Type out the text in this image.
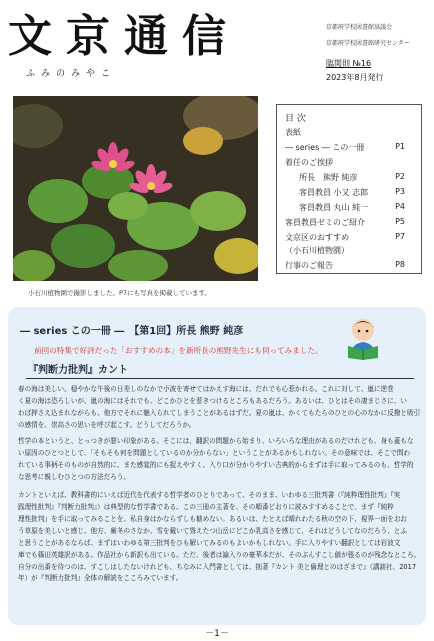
文京通信
ふみのみやこ
京都府学校図書館協議会
京都府学校図書館研究センター
臨関則 №16
2023年8月発行
小石川植物園で撮影しました。P7にも写真を掲載しています。
目 次
表紙
― series ― この一冊	P1
着任のご挨拶
所長　熊野 純彦	P2
客員教員 小又 志郎	P3
客員教員 丸山 純一	P4
客員教員ゼミのご紹介	P5
文京区のおすすめ	P7
（小石川植物園）
行事のご報告	P8
― series この一冊 ―　【第1回】所長 熊野 純彦
前回の特集で好評だった「おすすめの本」を新所長の熊野先生にも伺ってみました。
『判断力批判』カント
春の海は美しい。穏やかな午後の日差しのなかで小波を寄せてはかえす海には、だれでも心惹かれる。これに対して、嵐に逆巻
く夏の海は恐ろしいが、嵐の海にはそれでも、どこかひとを惹きつけるところもあるだろう。あるいは、ひとはその凄まじさに、い
わば押さえ込まれながらも、他方でそれに魅入られてしまうことがあるはずだ。夏の嵐は、かくてもたらのひとの心のなかに反撥と吸引
の感情を、崇高さの思いを呼び起こす。どうしてだろうか。
哲学の本というと、とっつきが悪い印象がある。そこには、翻訳の問題から始まり、いろいろな理由があるのだけれども、身も蓋もな
い原因のひとつとして、「そもそも何を問題としているのか分からない」ということがあるかもしれない。その意味では、そこで問わ
れている事柄そのものが自然的に、また感覚的にも捉えやすく、入り口が分かりやすい古典的からまずは手に取ってみるのも、哲学的
な思考に親しむひとつの方法だろう。
カントといえば、教科書的にいえば近代を代表する哲学者のひとりであって、そのまま、いわゆる三批判書（『純粋理性批判』『実
践理性批判』『判断力批判』）は典型的な哲学書である。この三冊の主著を、その順番どおりに読みすすめることで、まず『純粋
理性批判』を手に取ってみることを、私自身はかならずしも勧めない。あるいは、たとえば晴れわたる秋の空の下、視界一面をおお
う草原を美しいと感じ、他方、厳冬のさなか、雪を戴いて聳えたつ山岳にどこか乳高さを感じて、それはどうしてなのだろう、とふ
と思うことがあるならば、まずはいわゆる第三批判をひも解いてみるのもよいかもしれない。手に入りやすい翻訳としては岩波文
庫でも篠田英雄訳がある。作品社から新訳も出ている。ただ、後者は論入りの豪華本だが、そのぶんすこし値が張るのが残念なところ。
自分の出番を待つのは、すこしはしたないけれども、ちなみに入門書としては、拙著『カント 美と倫理とのはざまで』（講談社、2017年）が『判断力批判』全体の解読をこころみています。
－1－
